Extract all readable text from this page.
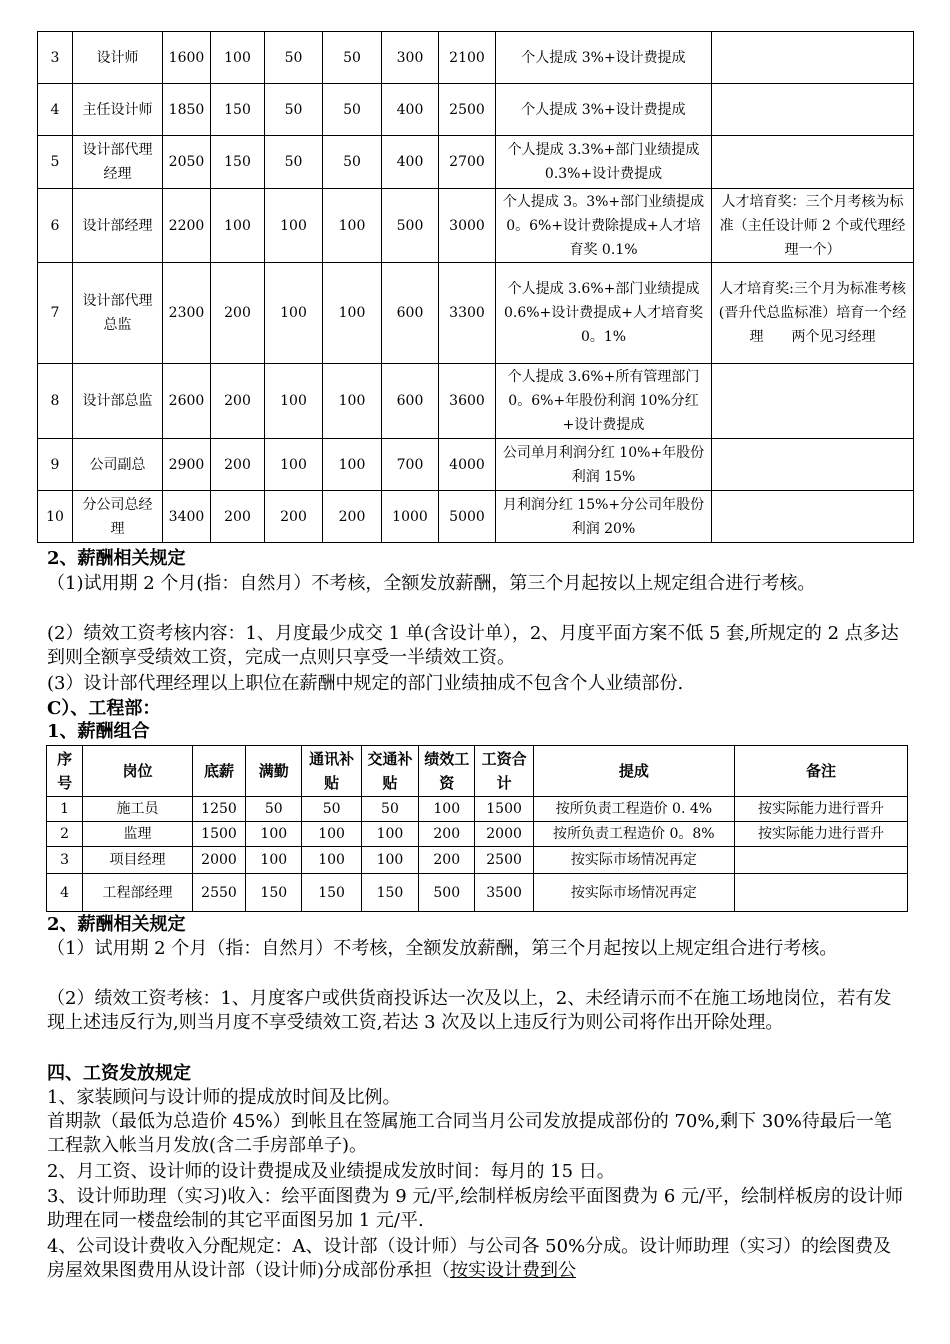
3	设计师	1600	100	50	50	300	2100	个人提成 3%+设计费提成	
4	主任设计师	1850	150	50	50	400	2500	个人提成 3%+设计费提成	
5	设计部代理经理	2050	150	50	50	400	2700	个人提成 3.3%+部门业绩提成 0.3%+设计费提成	
6	设计部经理	2200	100	100	100	500	3000	个人提成 3。3%+部门业绩提成 0。6%+设计费除提成+人才培育奖 0.1%	人才培育奖：三个月考核为标准（主任设计师 2 个或代理经理一个）
7	设计部代理总监	2300	200	100	100	600	3300	个人提成 3.6%+部门业绩提成 0.6%+设计费提成+人才培育奖 0。1%	人才培育奖:三个月为标准考核(晋升代总监标准）培育一个经理　　两个见习经理
8	设计部总监	2600	200	100	100	600	3600	个人提成 3.6%+所有管理部门 0。6%+年股份利润 10%分红+设计费提成	
9	公司副总	2900	200	100	100	700	4000	公司单月利润分红 10%+年股份利润 15%	
10	分公司总经理	3400	200	200	200	1000	5000	月利润分红 15%+分公司年股份利润 20%	
2、薪酬相关规定
（1)试用期 2 个月(指：自然月）不考核，全额发放薪酬，第三个月起按以上规定组合进行考核。
(2）绩效工资考核内容：1、月度最少成交 1 单(含设计单），2、月度平面方案不低 5 套,所规定的 2 点多达到则全额享受绩效工资，完成一点则只享受一半绩效工资。
(3）设计部代理经理以上职位在薪酬中规定的部门业绩抽成不包含个人业绩部份.
C）、工程部：
1、薪酬组合
序号	岗位	底薪	满勤	通讯补贴	交通补贴	绩效工资	工资合计	提成	备注
1	施工员	1250	50	50	50	100	1500	按所负责工程造价 0. 4%	按实际能力进行晋升
2	监理	1500	100	100	100	200	2000	按所负责工程造价 0。8%	按实际能力进行晋升
3	项目经理	2000	100	100	100	200	2500	按实际市场情况再定	
4	工程部经理	2550	150	150	150	500	3500	按实际市场情况再定	
2、薪酬相关规定
（1）试用期 2 个月（指：自然月）不考核，全额发放薪酬，第三个月起按以上规定组合进行考核。
（2）绩效工资考核：1、月度客户或供货商投诉达一次及以上，2、未经请示而不在施工场地岗位，若有发现上述违反行为,则当月度不享受绩效工资,若达 3 次及以上违反行为则公司将作出开除处理。
四、工资发放规定
1、家装顾问与设计师的提成放时间及比例。
首期款（最低为总造价 45%）到帐且在签属施工合同当月公司发放提成部份的 70%,剩下 30%待最后一笔工程款入帐当月发放(含二手房部单子)。
2、月工资、设计师的设计费提成及业绩提成发放时间：每月的 15 日。
3、设计师助理（实习)收入：绘平面图费为 9 元/平,绘制样板房绘平面图费为 6 元/平，绘制样板房的设计师助理在同一楼盘绘制的其它平面图另加 1 元/平.
4、公司设计费收入分配规定：A、设计部（设计师）与公司各 50%分成。设计师助理（实习）的绘图费及房屋效果图费用从设计部（设计师)分成部份承担（按实设计费到公
